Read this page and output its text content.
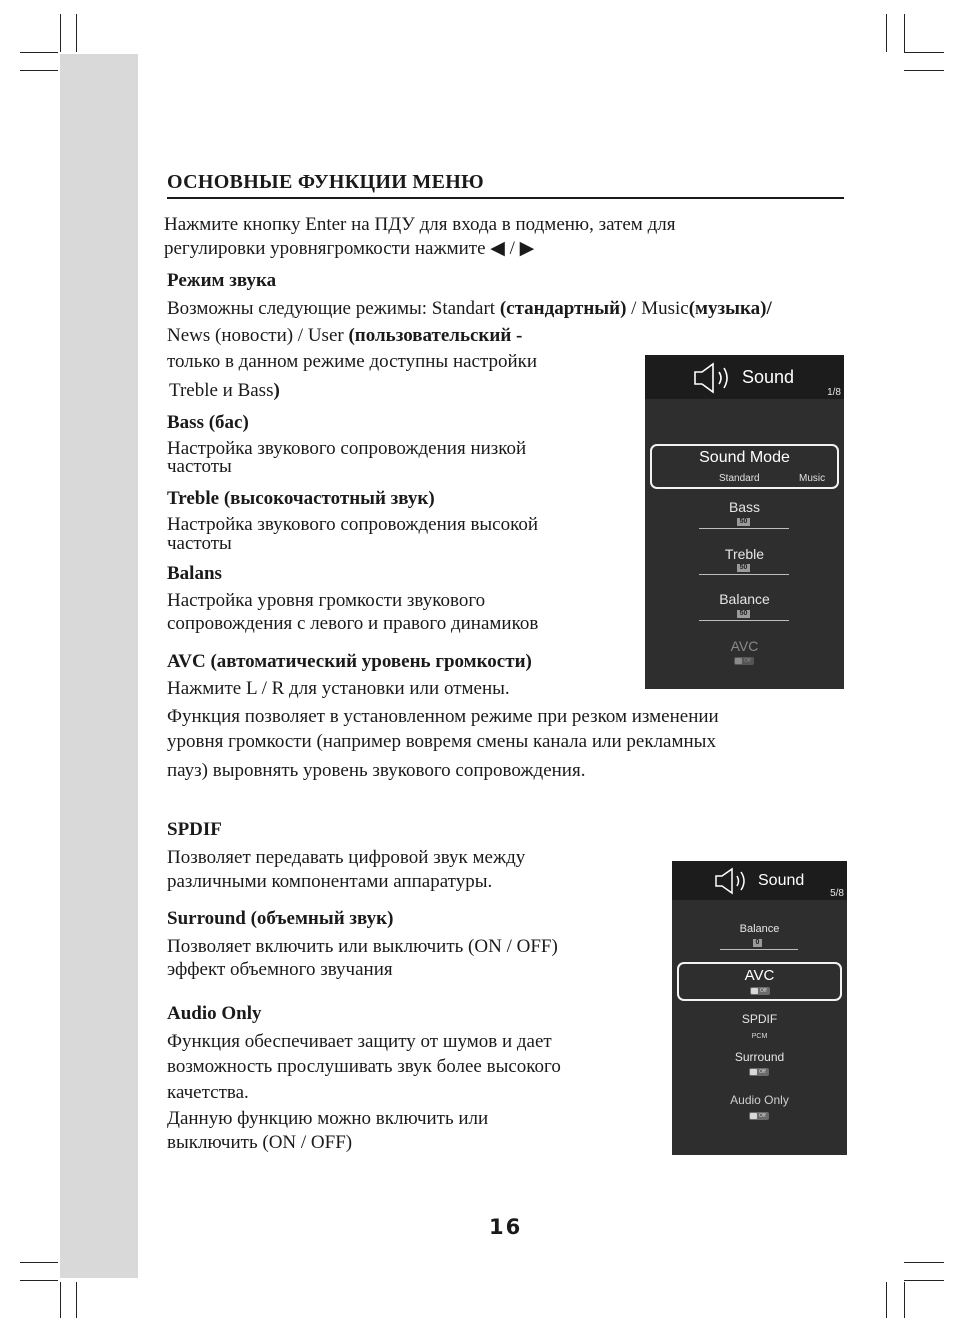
ОСНОВНЫЕ ФУНКЦИИ МЕНЮ
Нажмите кнопку Enter на ПДУ для входа в подменю, затем для
регулировки уровнягромкости нажмите ◀ / ▶
Режим звука
Возможны следующие режимы: Standart (стандартный) / Music(музыка)/
News (новости) / User (пользовательский -
только в данном режиме доступны настройки
Treble и Bass)
Bass (бас)
Настройка звукового сопровождения низкой
частоты
Treble (высокочастотный звук)
Настройка звукового сопровождения высокой
частоты
Balans
Настройка уровня громкости звукового
сопровождения с левого и правого динамиков
AVC (автоматический уровень громкости)
Нажмите L / R для установки или отмены.
Функция позволяет в установленном режиме при резком изменении
уровня громкости (например вовремя смены канала или рекламных
пауз) выровнять уровень звукового сопровождения.
SPDIF
Позволяет передавать цифровой звук между
различными компонентами аппаратуры.
Surround (объемный звук)
Позволяет включить или выключить (ON / OFF)
эффект объемного звучания
Audio Only
Функция обеспечивает защиту от шумов и дает
возможность прослушивать звук более высокого
качетства.
Данную функцию можно включить или
выключить (ON / OFF)
16
Sound
1/8
Sound Mode
Standard	Music
Bass
50
Treble
50
Balance
50
AVC
Off
Sound
5/8
Balance
0
AVC
Off
SPDIF
PCM
Surround
Off
Audio Only
Off
